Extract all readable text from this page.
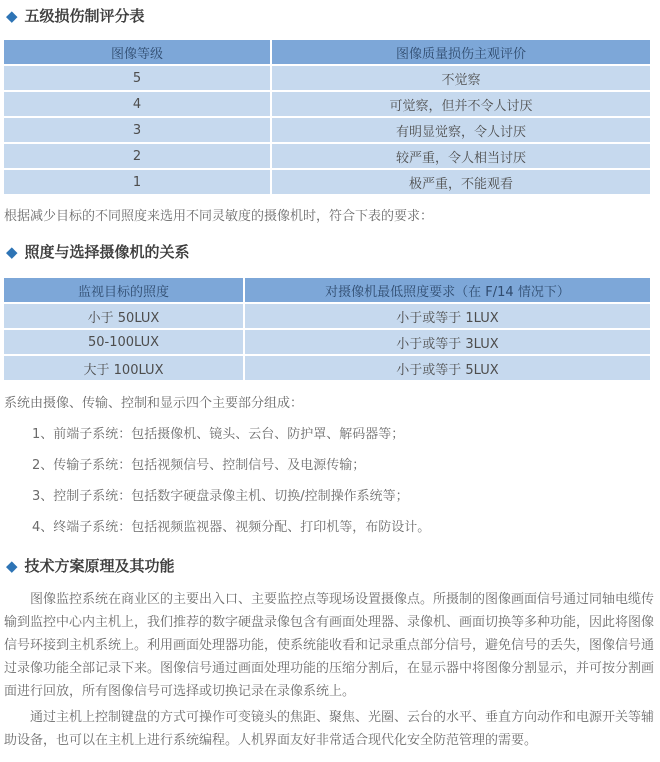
◆ 五级损伤制评分表
图像等级	图像质量损伤主观评价
5	不觉察
4	可觉察，但并不令人讨厌
3	有明显觉察，令人讨厌
2	较严重，令人相当讨厌
1	极严重，不能观看

根据减少目标的不同照度来选用不同灵敏度的摄像机时，符合下表的要求：

◆ 照度与选择摄像机的关系
监视目标的照度	对摄像机最低照度要求（在 F/14 情况下）
小于 50LUX	小于或等于 1LUX
50-100LUX	小于或等于 3LUX
大于 100LUX	小于或等于 5LUX

系统由摄像、传输、控制和显示四个主要部分组成：

1、前端子系统：包括摄像机、镜头、云台、防护罩、解码器等；

2、传输子系统：包括视频信号、控制信号、及电源传输；

3、控制子系统：包括数字硬盘录像主机、切换/控制操作系统等；

4、终端子系统：包括视频监视器、视频分配、打印机等，布防设计。

◆ 技术方案原理及其功能

图像监控系统在商业区的主要出入口、主要监控点等现场设置摄像点。所摄制的图像画面信号通过同轴电缆传输到监控中心内主机上，我们推荐的数字硬盘录像包含有画面处理器、录像机、画面切换等多种功能，因此将图像信号环接到主机系统上。利用画面处理器功能，使系统能收看和记录重点部分信号，避免信号的丢失，图像信号通过录像功能全部记录下来。图像信号通过画面处理功能的压缩分割后，在显示器中将图像分割显示，并可按分割画面进行回放，所有图像信号可选择或切换记录在录像系统上。

通过主机上控制键盘的方式可操作可变镜头的焦距、聚焦、光圈、云台的水平、垂直方向动作和电源开关等辅助设备，也可以在主机上进行系统编程。人机界面友好非常适合现代化安全防范管理的需要。
